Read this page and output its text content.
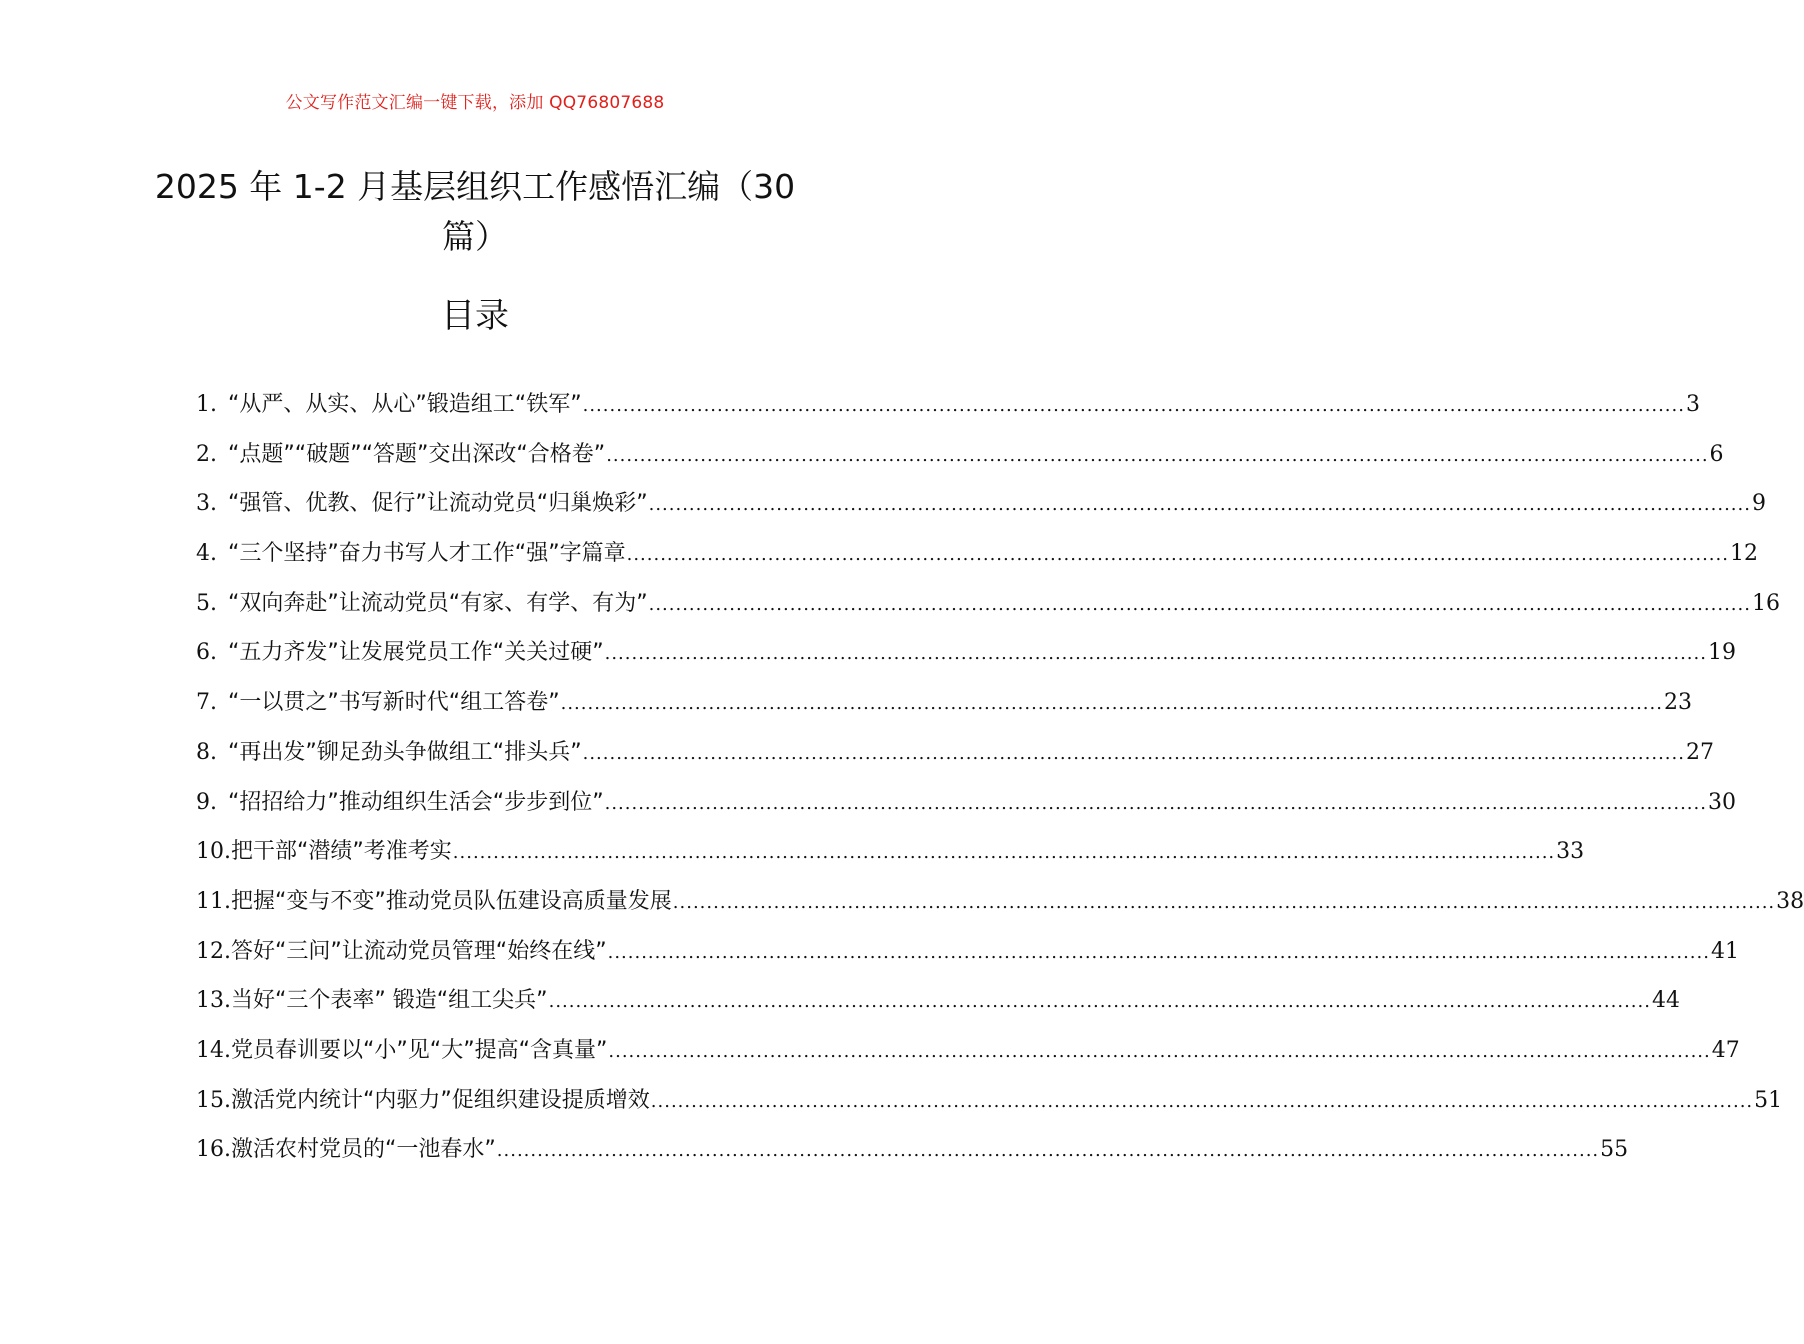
公文写作范文汇编一键下载，添加 QQ76807688
2025 年 1-2 月基层组织工作感悟汇编（30 篇）
目录
1. “从严、从实、从心”锻造组工“铁军” .....	3
2. “点题”“破题”“答题”交出深改“合格卷” .....	6
3. “强管、优教、促行”让流动党员“归巢焕彩” .....	9
4. “三个坚持”奋力书写人才工作“强”字篇章 .....	12
5. “双向奔赴”让流动党员“有家、有学、有为” .....	16
6. “五力齐发”让发展党员工作“关关过硬” .....	19
7. “一以贯之”书写新时代“组工答卷” .....	23
8. “再出发”铆足劲头争做组工“排头兵” .....	27
9. “招招给力”推动组织生活会“步步到位” .....	30
10. 把干部“潜绩”考准考实 .....	33
11. 把握“变与不变”推动党员队伍建设高质量发展 .....	38
12. 答好“三问”让流动党员管理“始终在线” .....	41
13. 当好“三个表率” 锻造“组工尖兵” .....	44
14. 党员春训要以“小”见“大”提高“含真量” .....	47
15. 激活党内统计“内驱力”促组织建设提质增效 .....	51
16. 激活农村党员的“一池春水” .....	55
